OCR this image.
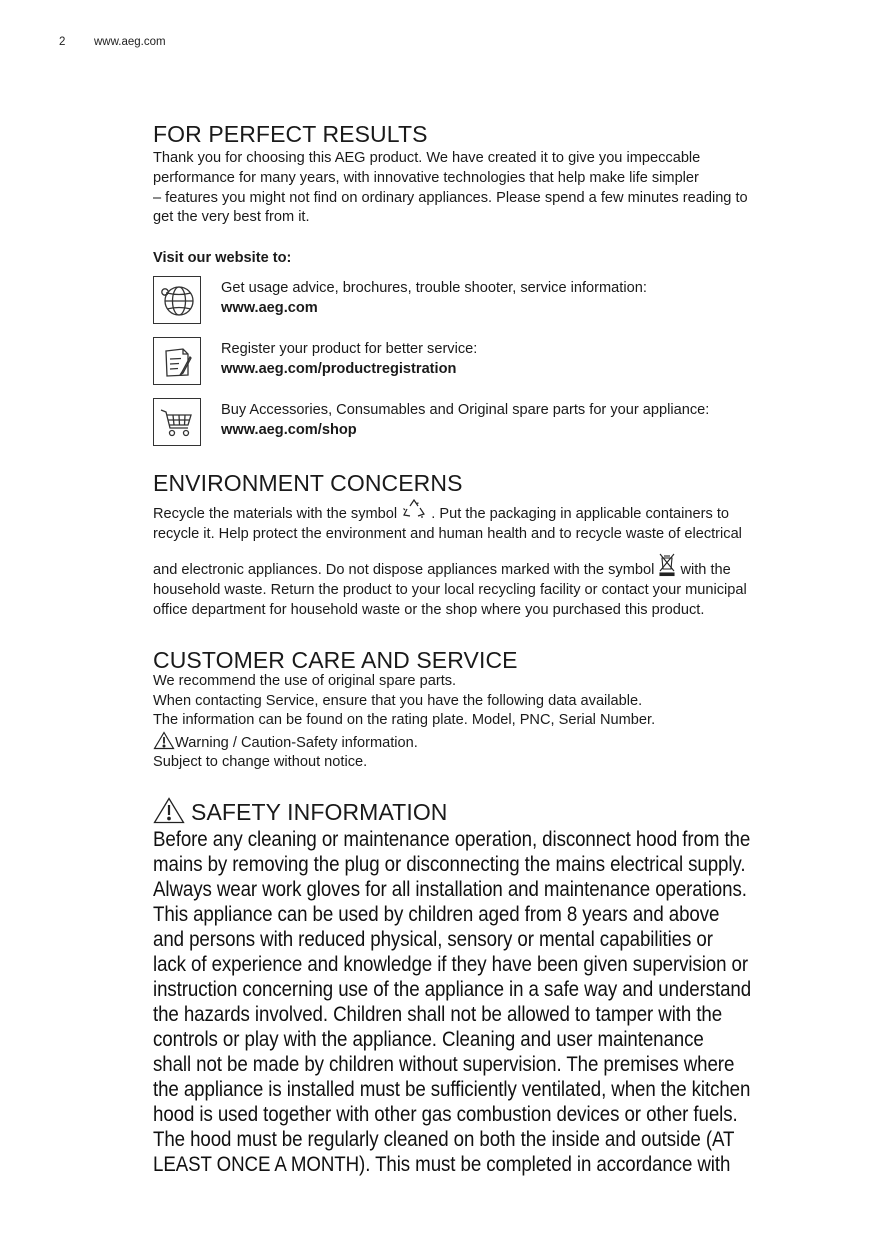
2 www.aeg.com
FOR PERFECT RESULTS

Thank you for choosing this AEG product. We have created it to give you impeccable
performance for many years, with innovative technologies that help make life simpler
– features you might not find on ordinary appliances. Please spend a few minutes reading to
get the very best from it.

Visit our website to:
Get usage advice, brochures, trouble shooter, service information:
www.aeg.com
Register your product for better service:
www.aeg.com/productregistration
Buy Accessories, Consumables and Original spare parts for your appliance:
www.aeg.com/shop
ENVIRONMENT CONCERNS

Recycle the materials with the symbol . Put the packaging in applicable containers to
recycle it. Help protect the environment and human health and to recycle waste of electrical
and electronic appliances. Do not dispose appliances marked with the symbol with the
household waste. Return the product to your local recycling facility or contact your municipal
office department for household waste or the shop where you purchased this product.

CUSTOMER CARE AND SERVICE

We recommend the use of original spare parts.

When contacting Service, ensure that you have the following data available.

The information can be found on the rating plate. Model, PNC, Serial Number.

Warning / Caution-Safety information.

Subject to change without notice.

SAFETY INFORMATION
Before any cleaning or maintenance operation, disconnect hood from the
mains by removing the plug or disconnecting the mains electrical supply.
Always wear work gloves for all installation and maintenance operations.
This appliance can be used by children aged from 8 years and above
and persons with reduced physical, sensory or mental capabilities or
lack of experience and knowledge if they have been given supervision or
instruction concerning use of the appliance in a safe way and understand
the hazards involved. Children shall not be allowed to tamper with the
controls or play with the appliance. Cleaning and user maintenance
shall not be made by children without supervision. The premises where
the appliance is installed must be sufficiently ventilated, when the kitchen
hood is used together with other gas combustion devices or other fuels.
The hood must be regularly cleaned on both the inside and outside (AT
LEAST ONCE A MONTH). This must be completed in accordance with
